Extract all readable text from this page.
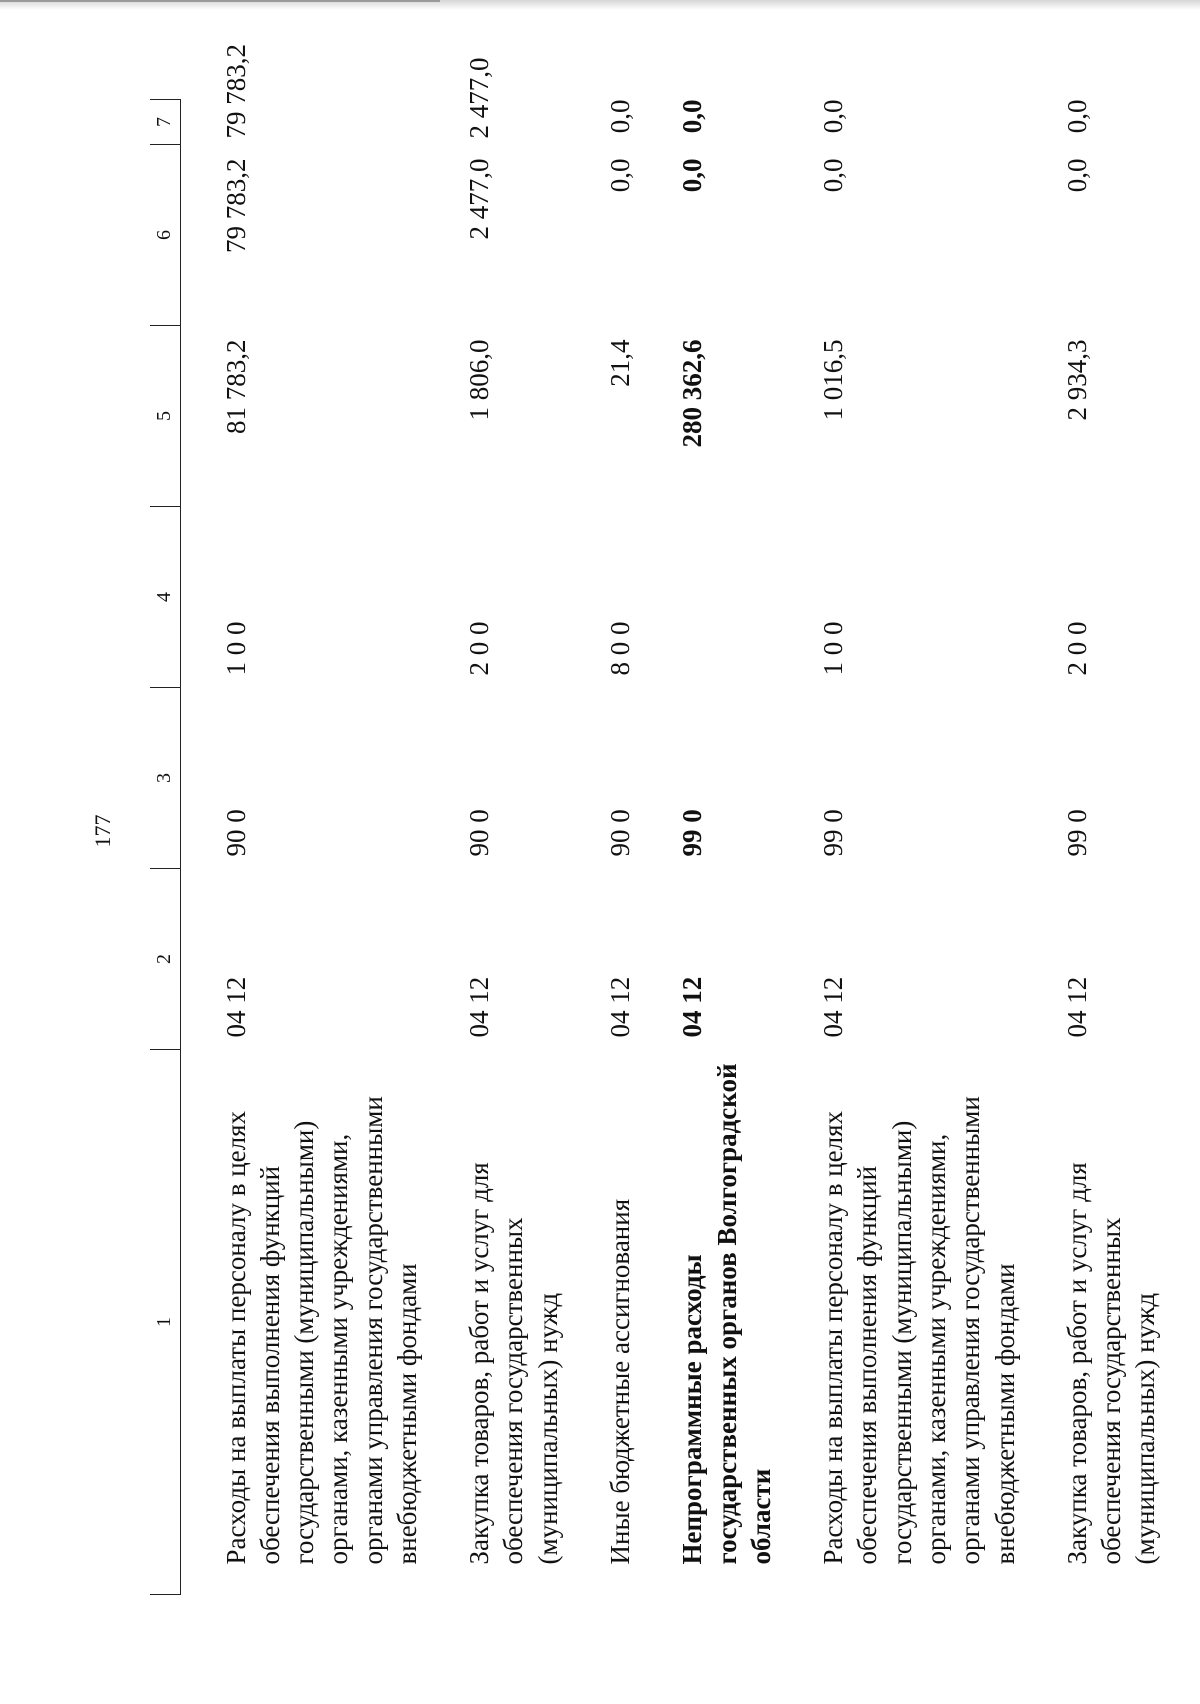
177
1	2	3	4	5	6	7

Расходы на выплаты персоналу в целях обеспечения выполнения функций государственными (муниципальными) органами, казенными учреждениями, органами управления государственными внебюджетными фондами	04 12	90 0	1 0 0	81 783,2	79 783,2	79 783,2

Закупка товаров, работ и услуг для обеспечения государственных (муниципальных) нужд	04 12	90 0	2 0 0	1 806,0	2 477,0	2 477,0

Иные бюджетные ассигнования	04 12	90 0	8 0 0	21,4	0,0	0,0

Непрограммные расходы государственных органов Волгоградской области	04 12	99 0		280 362,6	0,0	0,0

Расходы на выплаты персоналу в целях обеспечения выполнения функций государственными (муниципальными) органами, казенными учреждениями, органами управления государственными внебюджетными фондами	04 12	99 0	1 0 0	1 016,5	0,0	0,0

Закупка товаров, работ и услуг для обеспечения государственных (муниципальных) нужд	04 12	99 0	2 0 0	2 934,3	0,0	0,0
